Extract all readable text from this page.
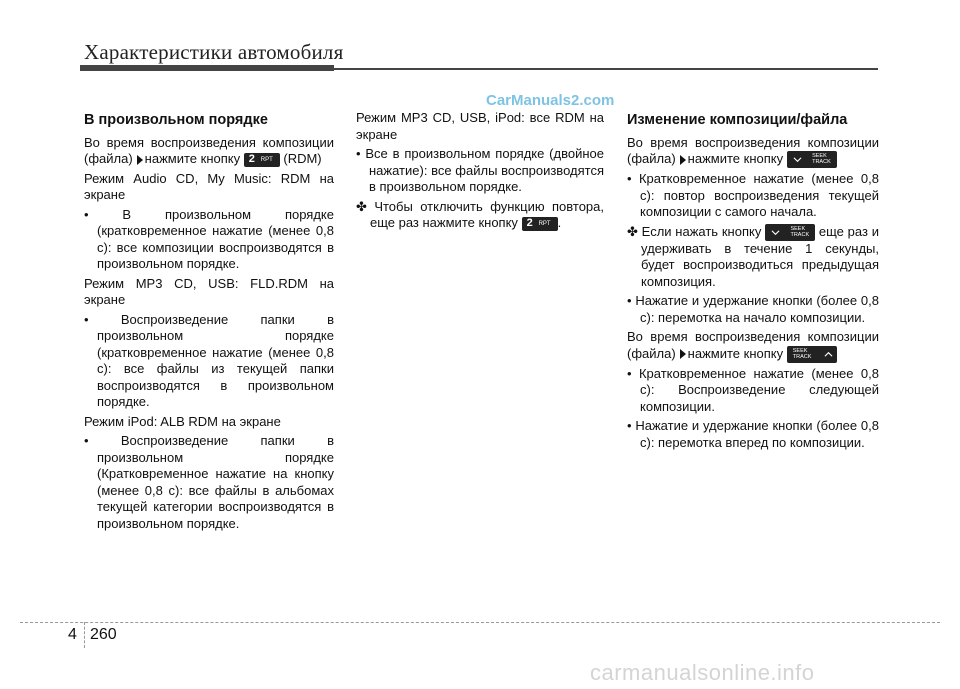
Характеристики автомобиля
CarManuals2.com
В произвольном порядке

Во время воспроизведения композиции (файла) нажмите кнопку 2 RPT (RDM)

Режим Audio CD, My Music: RDM на экране

• В произвольном порядке (кратковременное нажатие (менее 0,8 с): все композиции воспроизводятся в произвольном порядке.

Режим MP3 CD, USB: FLD.RDM на экране

• Воспроизведение папки в произвольном порядке (кратковременное нажатие (менее 0,8 с): все файлы из текущей папки воспроизводятся в произвольном порядке.

Режим iPod: ALB RDM на экране

• Воспроизведение папки в произвольном порядке (Кратковременное нажатие на кнопку (менее 0,8 с): все файлы в альбомах текущей категории воспроизводятся в произвольном порядке.

Режим MP3 CD, USB, iPod: все RDM на экране

• Все в произвольном порядке (двойное нажатие): все файлы воспроизводятся в произвольном порядке.

✤ Чтобы отключить функцию повтора, еще раз нажмите кнопку 2 RPT .

Изменение композиции/файла

Во время воспроизведения композиции (файла) нажмите кнопку	SEEK
TRACK

• Кратковременное нажатие (менее 0,8 с): повтор воспроизведения текущей композиции с самого начала.

✤ Если нажать кнопку	SEEK
TRACK еще раз и удерживать в течение 1 секунды, будет воспроизводиться предыдущая композиция.

• Нажатие и удержание кнопки (более 0,8 с): перемотка на начало композиции.

Во время воспроизведения композиции (файла) нажмите кнопку SEEK
TRACK

• Кратковременное нажатие (менее 0,8 с): Воспроизведение следующей композиции.

• Нажатие и удержание кнопки (более 0,8 с): перемотка вперед по композиции.

4 260
carmanualsonline.info
